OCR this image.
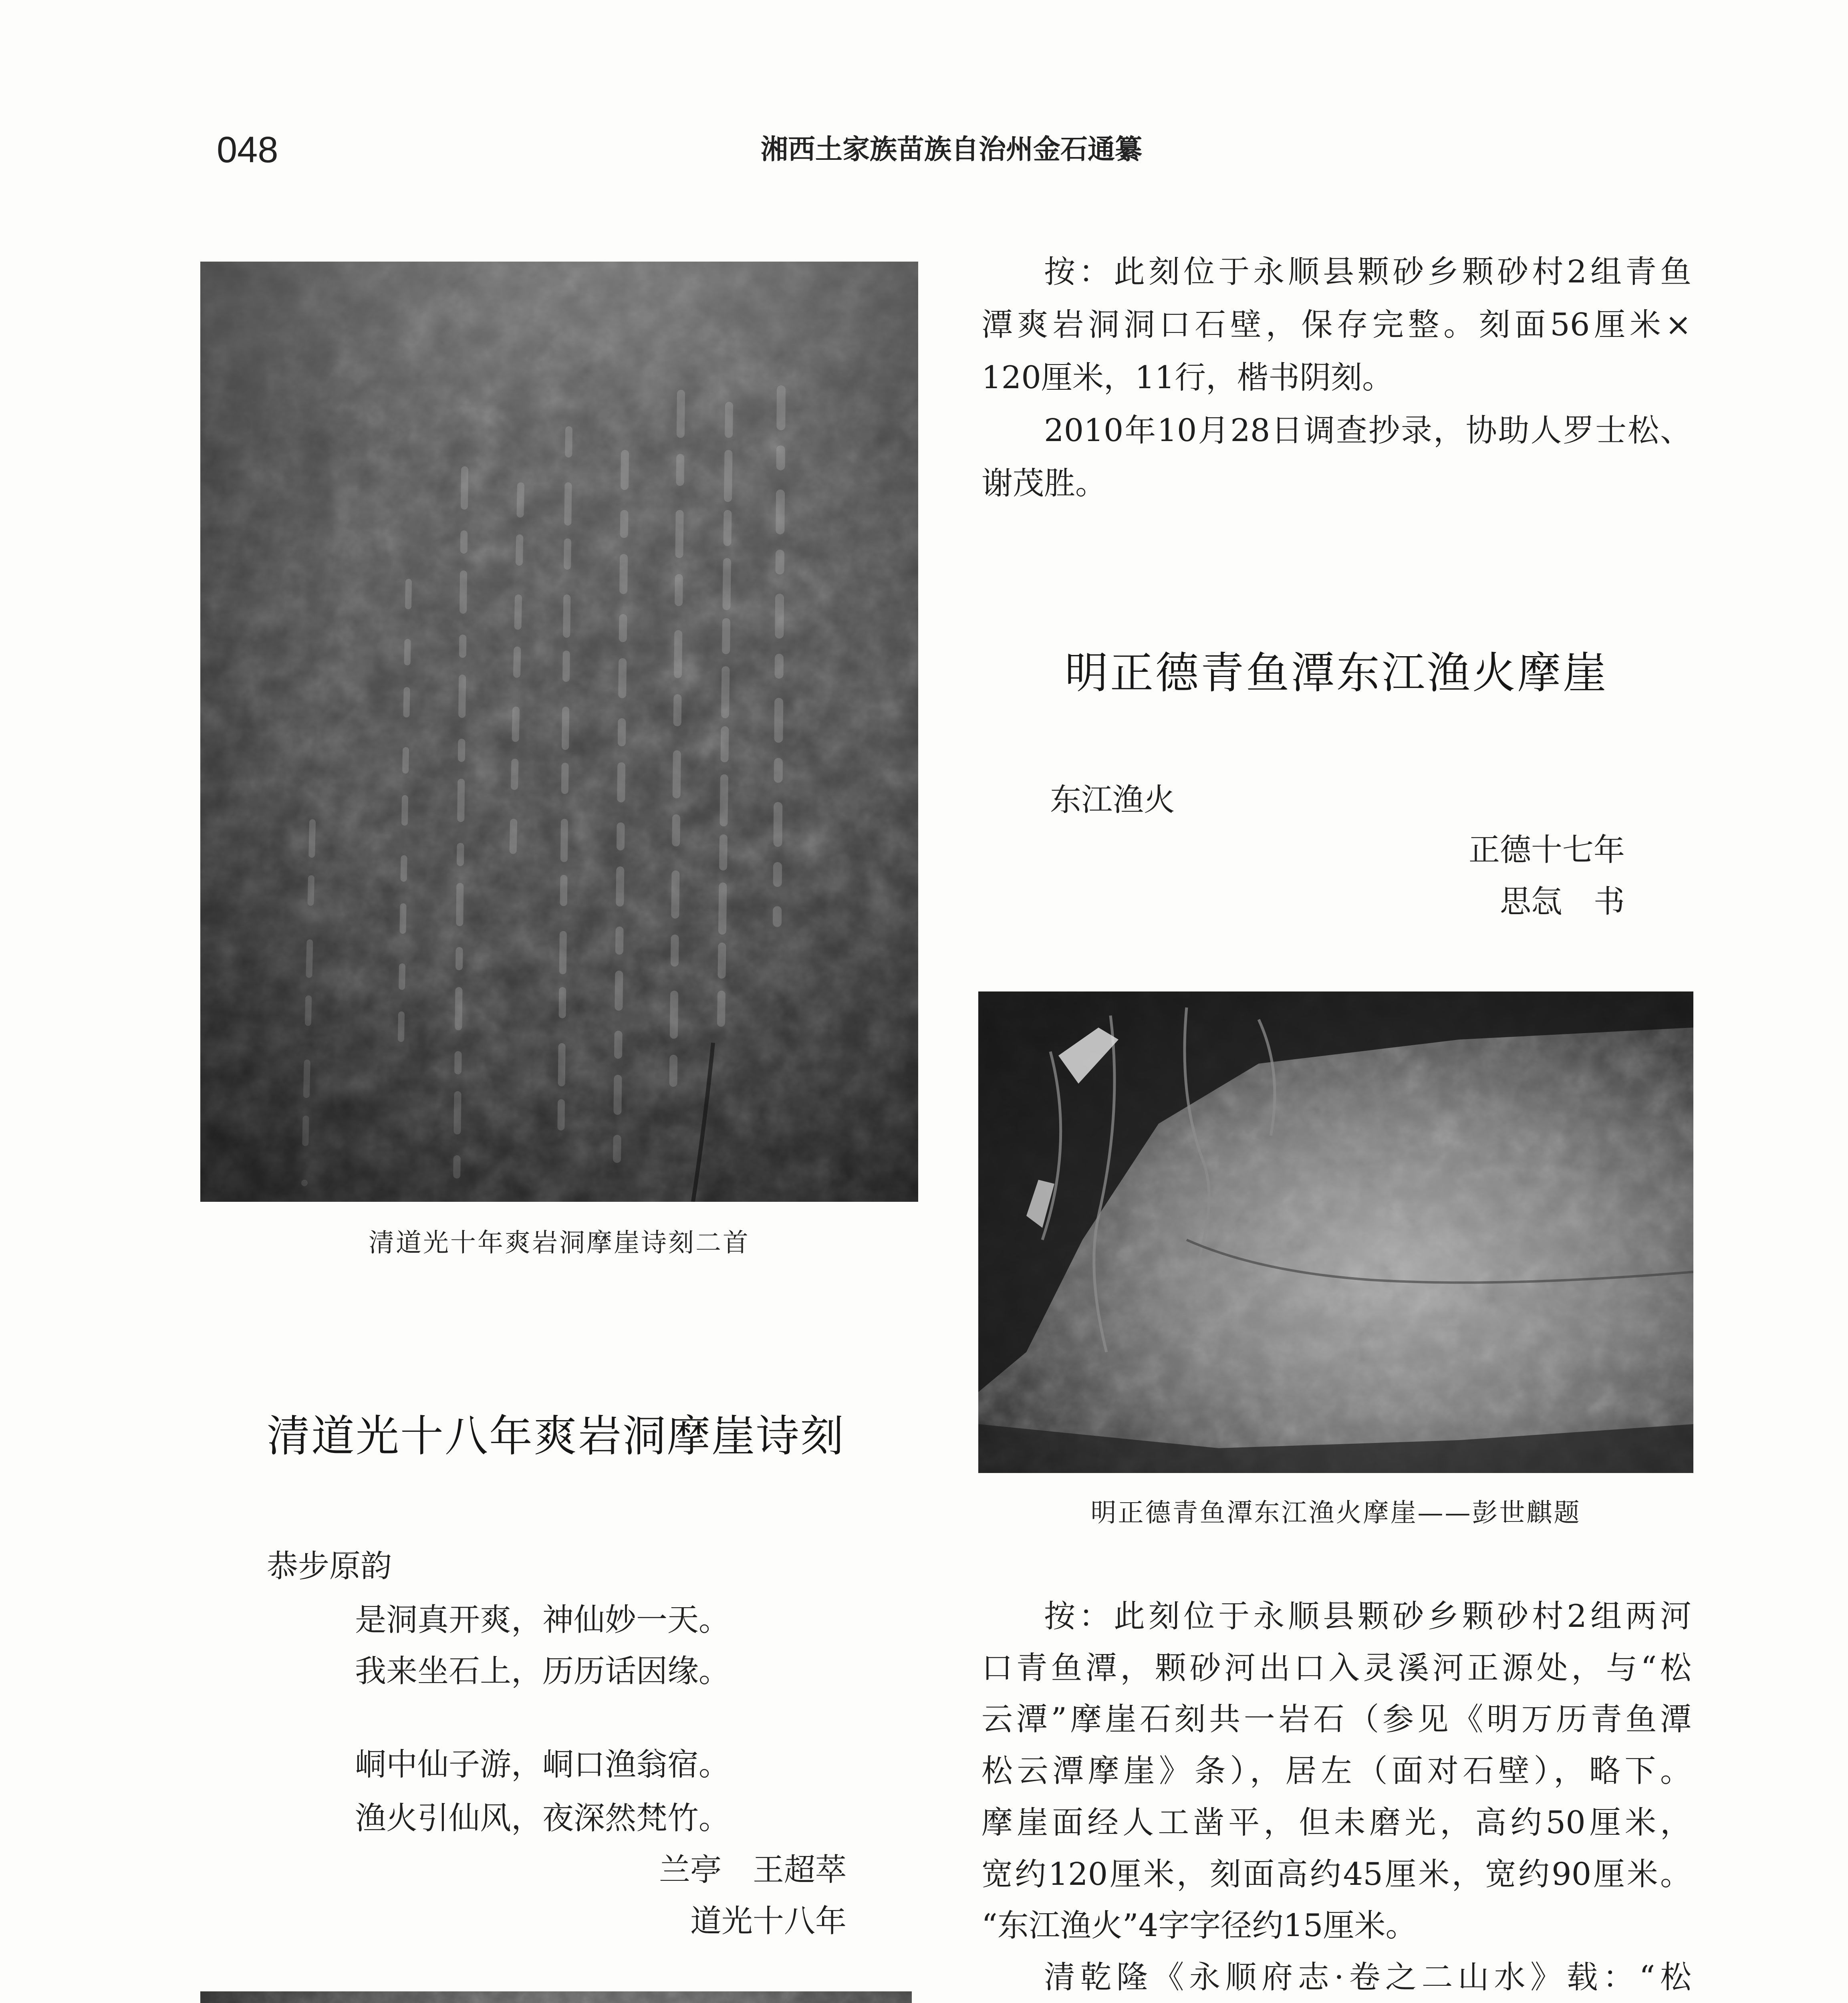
048	湘西土家族苗族自治州金石通纂
清道光十年爽岩洞摩崖诗刻二首
按：此刻位于永顺县颗砂乡颗砂村2组青鱼
潭爽岩洞洞口石壁，保存完整。刻面56厘米×
120厘米，11行，楷书阴刻。
2010年10月28日调查抄录，协助人罗士松、
谢茂胜。
明正德青鱼潭东江渔火摩崖
东江渔火
正德十七年
思忥　书
明正德青鱼潭东江渔火摩崖——彭世麒题
按：此刻位于永顺县颗砂乡颗砂村2组两河
口青鱼潭，颗砂河出口入灵溪河正源处，与“松
云潭”摩崖石刻共一岩石（参见《明万历青鱼潭
松云潭摩崖》条），居左（面对石壁），略下。
摩崖面经人工凿平，但未磨光，高约50厘米，
宽约120厘米，刻面高约45厘米，宽约90厘米。
“东江渔火”4字字径约15厘米。
清乾隆《永顺府志·卷之二山水》载：“松
清道光十八年爽岩洞摩崖诗刻
恭步原韵
是洞真开爽，神仙妙一天。
我来坐石上，历历话因缘。
峒中仙子游，峒口渔翁宿。
渔火引仙风，夜深然梵竹。
兰亭　王超萃
道光十八年
